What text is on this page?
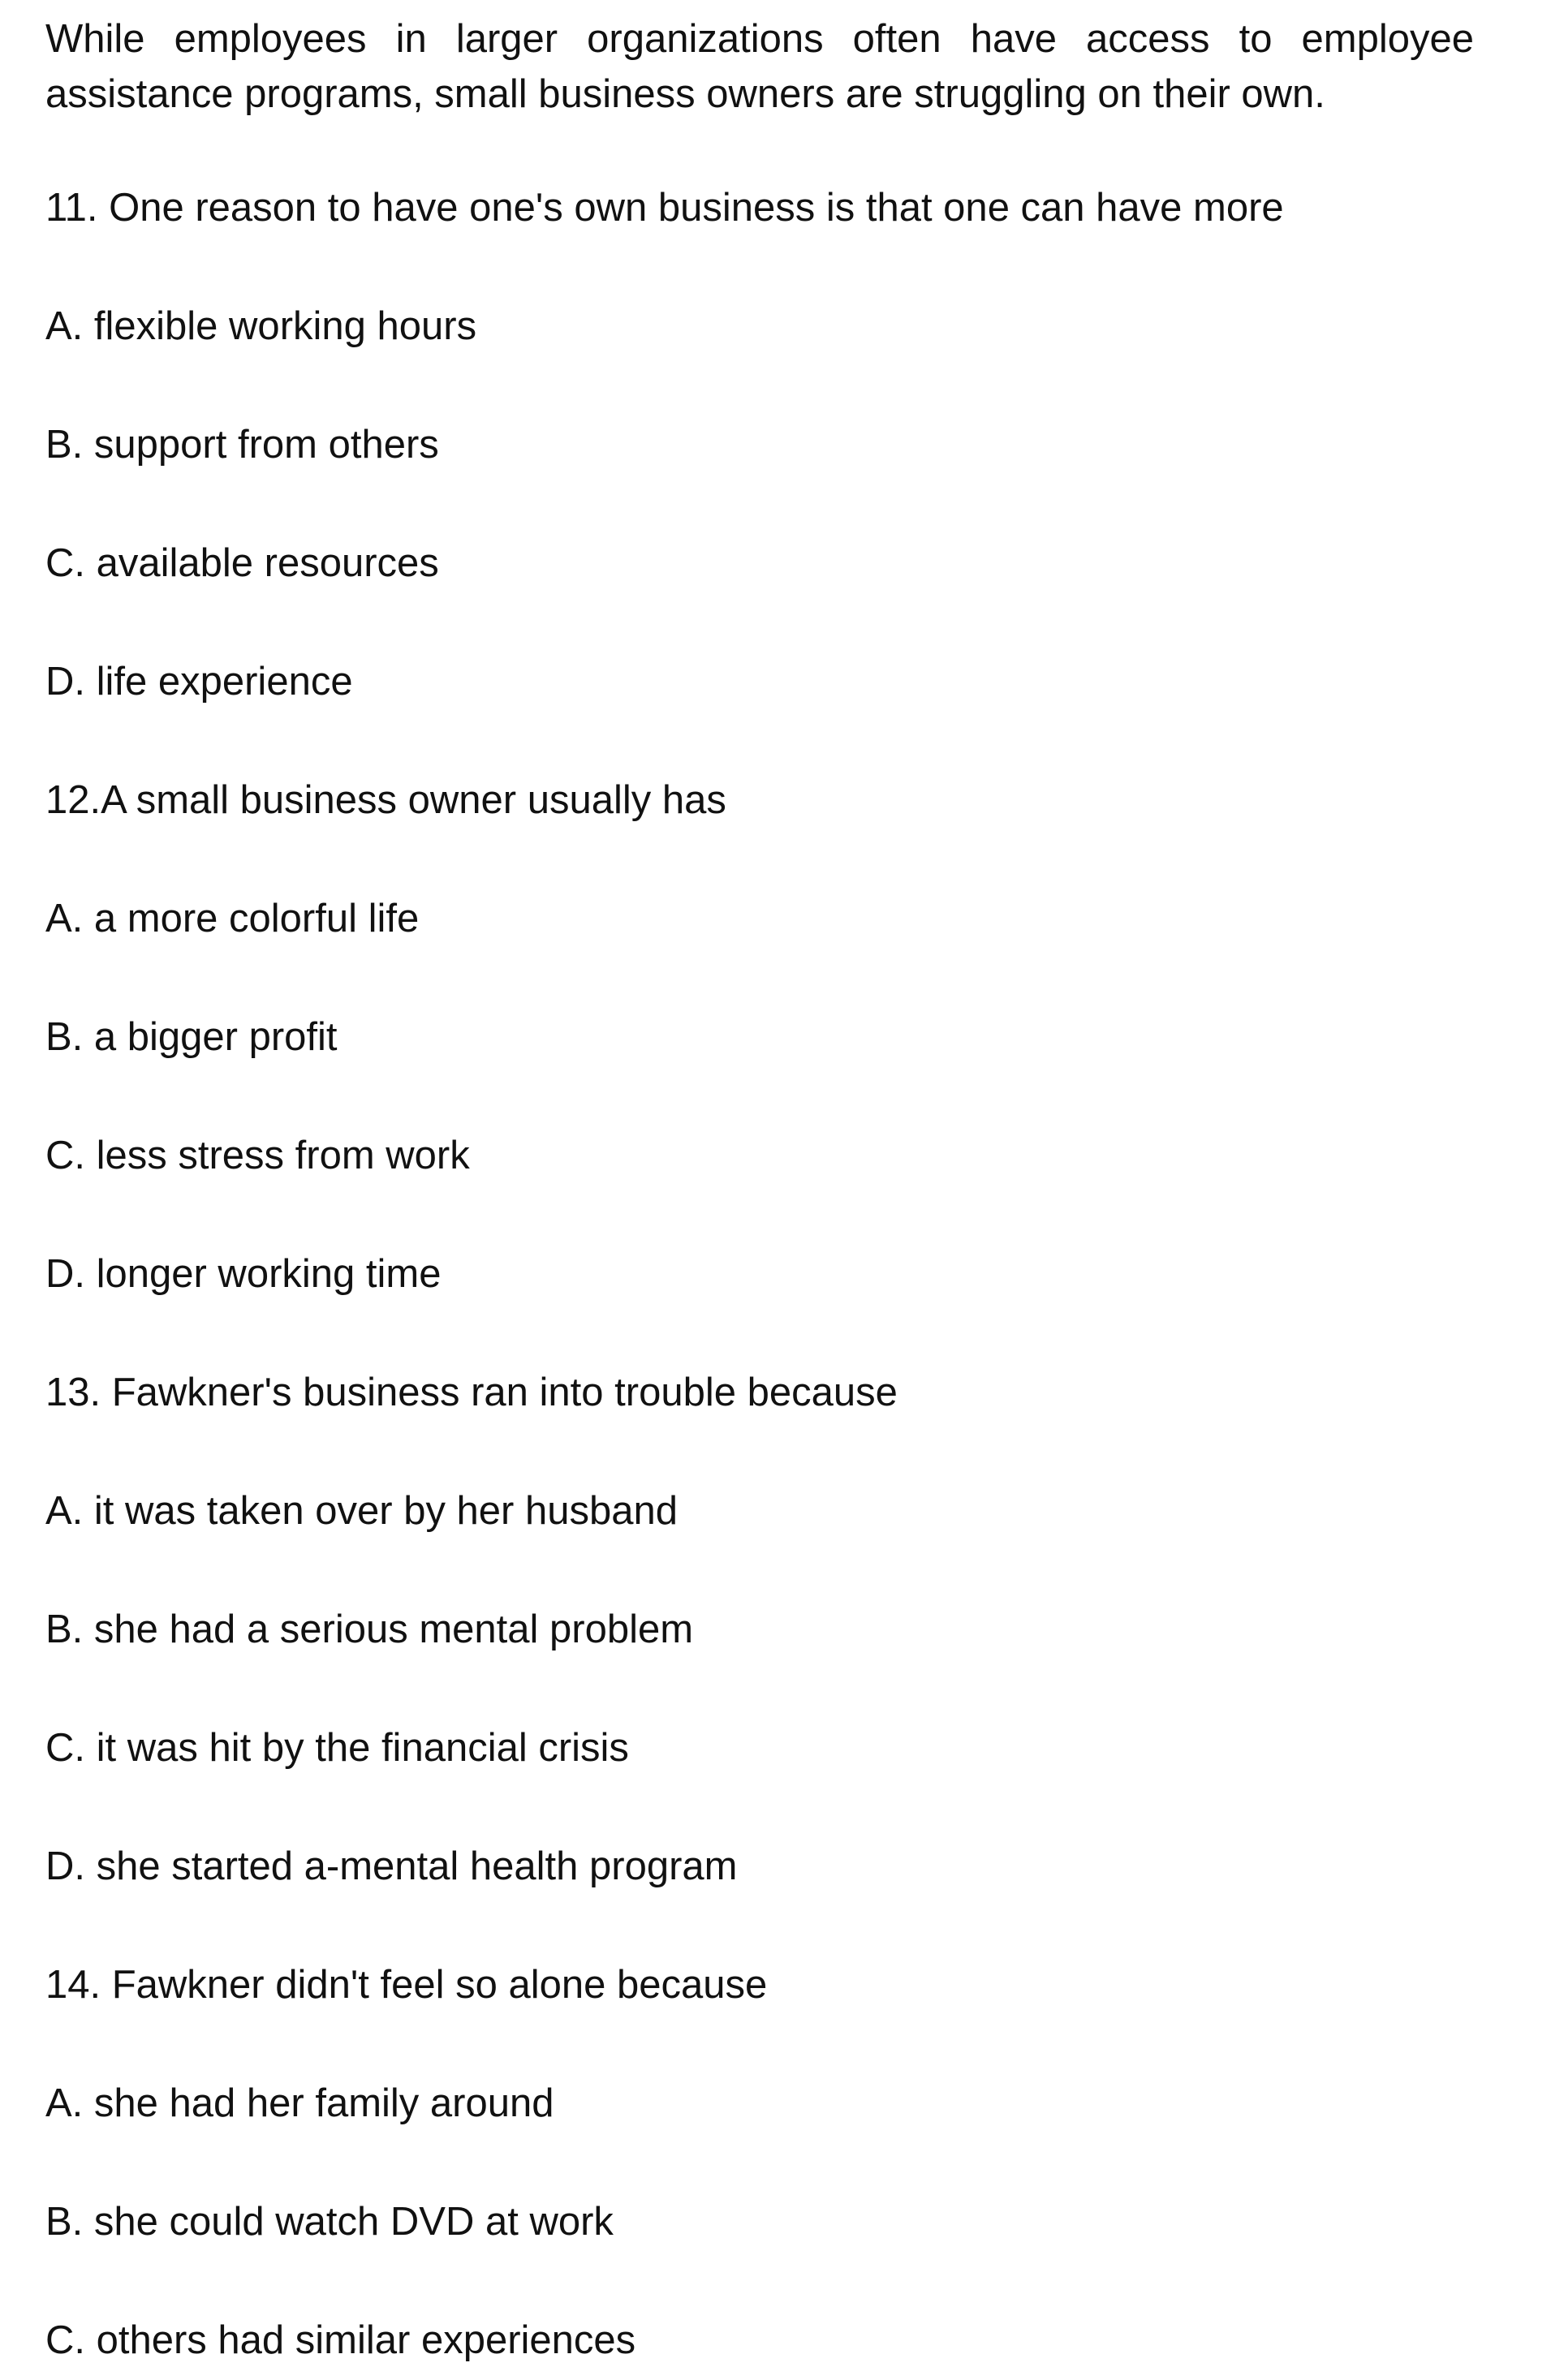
While employees in larger organizations often have access to employee assistance programs, small business owners are struggling on their own.

11. One reason to have one's own business is that one can have more

A. flexible working hours

B. support from others

C. available resources

D. life experience

12.A small business owner usually has

A. a more colorful life

B. a bigger profit

C. less stress from work

D. longer working time

13. Fawkner's business ran into trouble because

A. it was taken over by her husband

B. she had a serious mental problem

C. it was hit by the financial crisis

D. she started a-mental health program

14. Fawkner didn't feel so alone because

A. she had her family around

B. she could watch DVD at work

C. others had similar experiences
